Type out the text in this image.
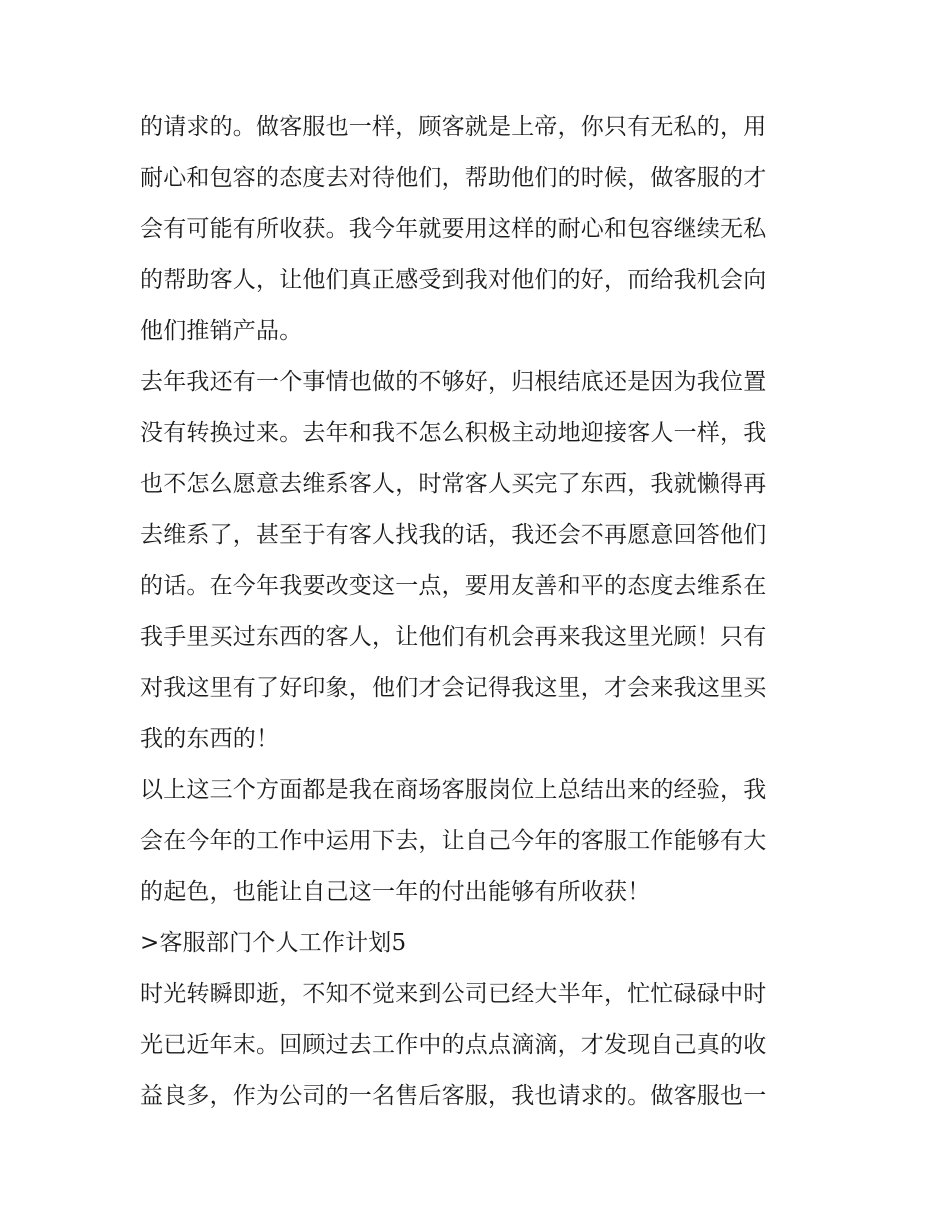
的请求的。做客服也一样，顾客就是上帝，你只有无私的，用
耐心和包容的态度去对待他们，帮助他们的时候，做客服的才
会有可能有所收获。我今年就要用这样的耐心和包容继续无私
的帮助客人，让他们真正感受到我对他们的好，而给我机会向
他们推销产品。
去年我还有一个事情也做的不够好，归根结底还是因为我位置
没有转换过来。去年和我不怎么积极主动地迎接客人一样，我
也不怎么愿意去维系客人，时常客人买完了东西，我就懒得再
去维系了，甚至于有客人找我的话，我还会不再愿意回答他们
的话。在今年我要改变这一点，要用友善和平的态度去维系在
我手里买过东西的客人，让他们有机会再来我这里光顾！只有
对我这里有了好印象，他们才会记得我这里，才会来我这里买
我的东西的！
以上这三个方面都是我在商场客服岗位上总结出来的经验，我
会在今年的工作中运用下去，让自己今年的客服工作能够有大
的起色，也能让自己这一年的付出能够有所收获！
>客服部门个人工作计划5
时光转瞬即逝，不知不觉来到公司已经大半年，忙忙碌碌中时
光已近年末。回顾过去工作中的点点滴滴，才发现自己真的收
益良多，作为公司的一名售后客服，我也请求的。做客服也一
